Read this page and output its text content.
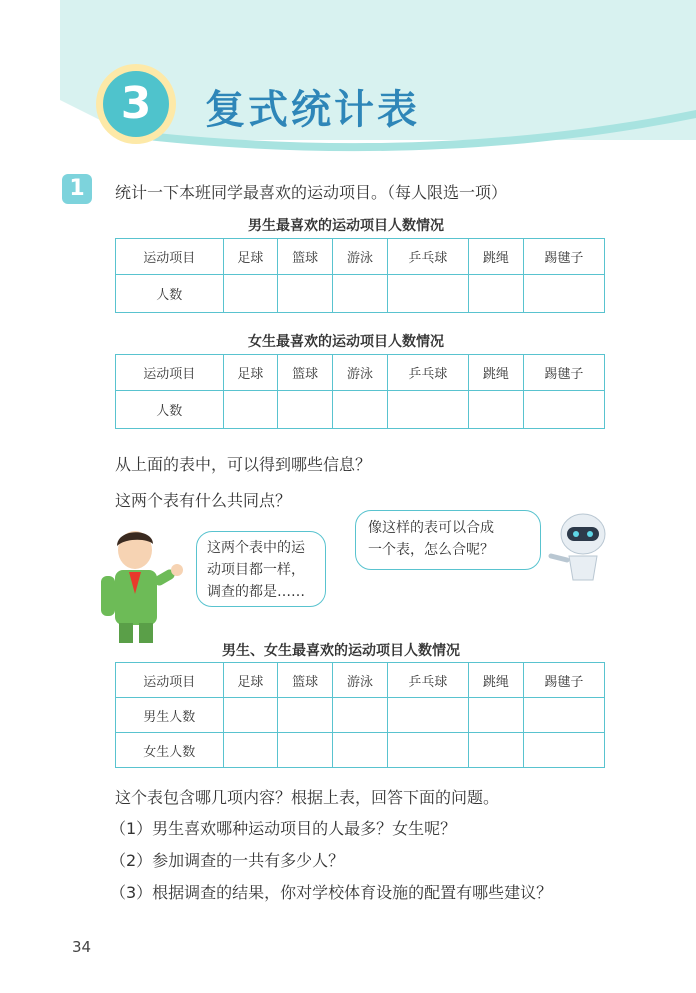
3	复式统计表
1	统计一下本班同学最喜欢的运动项目。（每人限选一项）
男生最喜欢的运动项目人数情况
运动项目	足球	篮球	游泳	乒乓球	跳绳	踢毽子
人数						
女生最喜欢的运动项目人数情况
运动项目	足球	篮球	游泳	乒乓球	跳绳	踢毽子
人数						
从上面的表中，可以得到哪些信息？
这两个表有什么共同点？
这两个表中的运
动项目都一样，
调查的都是……
像这样的表可以合成
一个表，怎么合呢？
男生、女生最喜欢的运动项目人数情况
运动项目	足球	篮球	游泳	乒乓球	跳绳	踢毽子
男生人数						
女生人数						
这个表包含哪几项内容？根据上表，回答下面的问题。
（1）男生喜欢哪种运动项目的人最多？女生呢？
（2）参加调查的一共有多少人？
（3）根据调查的结果，你对学校体育设施的配置有哪些建议？
34
